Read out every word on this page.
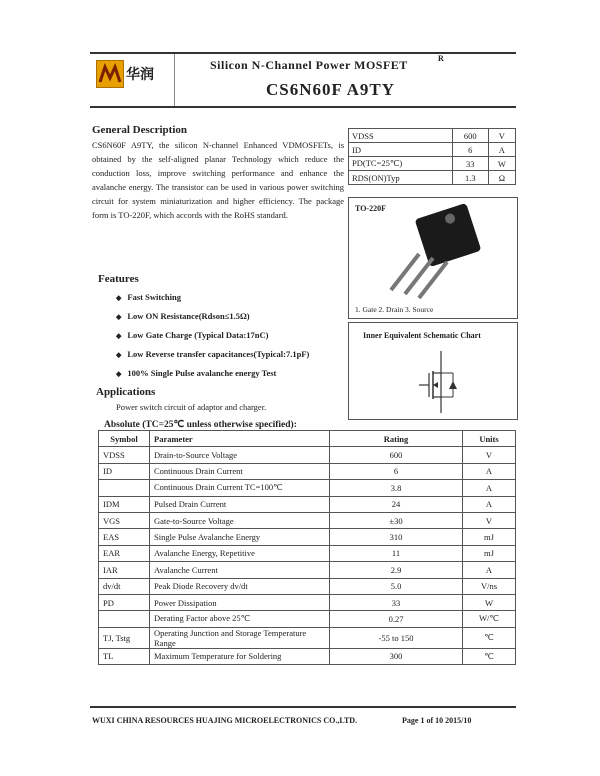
华润
Silicon N-Channel Power MOSFET	R
CS6N60F A9TY
General Description
CS6N60F A9TY, the silicon N-channel Enhanced VDMOSFETs, is obtained by the self-aligned planar Technology which reduce the conduction loss, improve switching performance and enhance the avalanche energy. The transistor can be used in various power switching circuit for system miniaturization and higher efficiency. The package form is TO-220F, which accords with the RoHS standard.
Features
◆ Fast Switching
◆ Low ON Resistance(Rdson≤1.5Ω)
◆ Low Gate Charge (Typical Data:17nC)
◆ Low Reverse transfer capacitances(Typical:7.1pF)
◆ 100% Single Pulse avalanche energy Test
Applications
Power switch circuit of adaptor and charger.
VDSS	600	V
ID	6	A
PD(TC=25℃)	33	W
RDS(ON)Typ	1.3	Ω
TO-220F
1. Gate 2. Drain 3. Source
Inner Equivalent Schematic Chart
Absolute (TC=25℃ unless otherwise specified):
Symbol	Parameter	Rating	Units
VDSS	Drain-to-Source Voltage	600	V
ID	Continuous Drain Current	6	A
	Continuous Drain Current TC=100℃	3.8	A
IDM	Pulsed Drain Current	24	A
VGS	Gate-to-Source Voltage	±30	V
EAS	Single Pulse Avalanche Energy	310	mJ
EAR	Avalanche Energy, Repetitive	11	mJ
IAR	Avalanche Current	2.9	A
dv/dt	Peak Diode Recovery dv/dt	5.0	V/ns
PD	Power Dissipation	33	W
	Derating Factor above 25℃	0.27	W/℃
TJ, Tstg	Operating Junction and Storage Temperature Range	-55 to 150	℃
TL	Maximum Temperature for Soldering	300	℃
WUXI CHINA RESOURCES HUAJING MICROELECTRONICS CO.,LTD.	Page 1 of 10 2015/10
